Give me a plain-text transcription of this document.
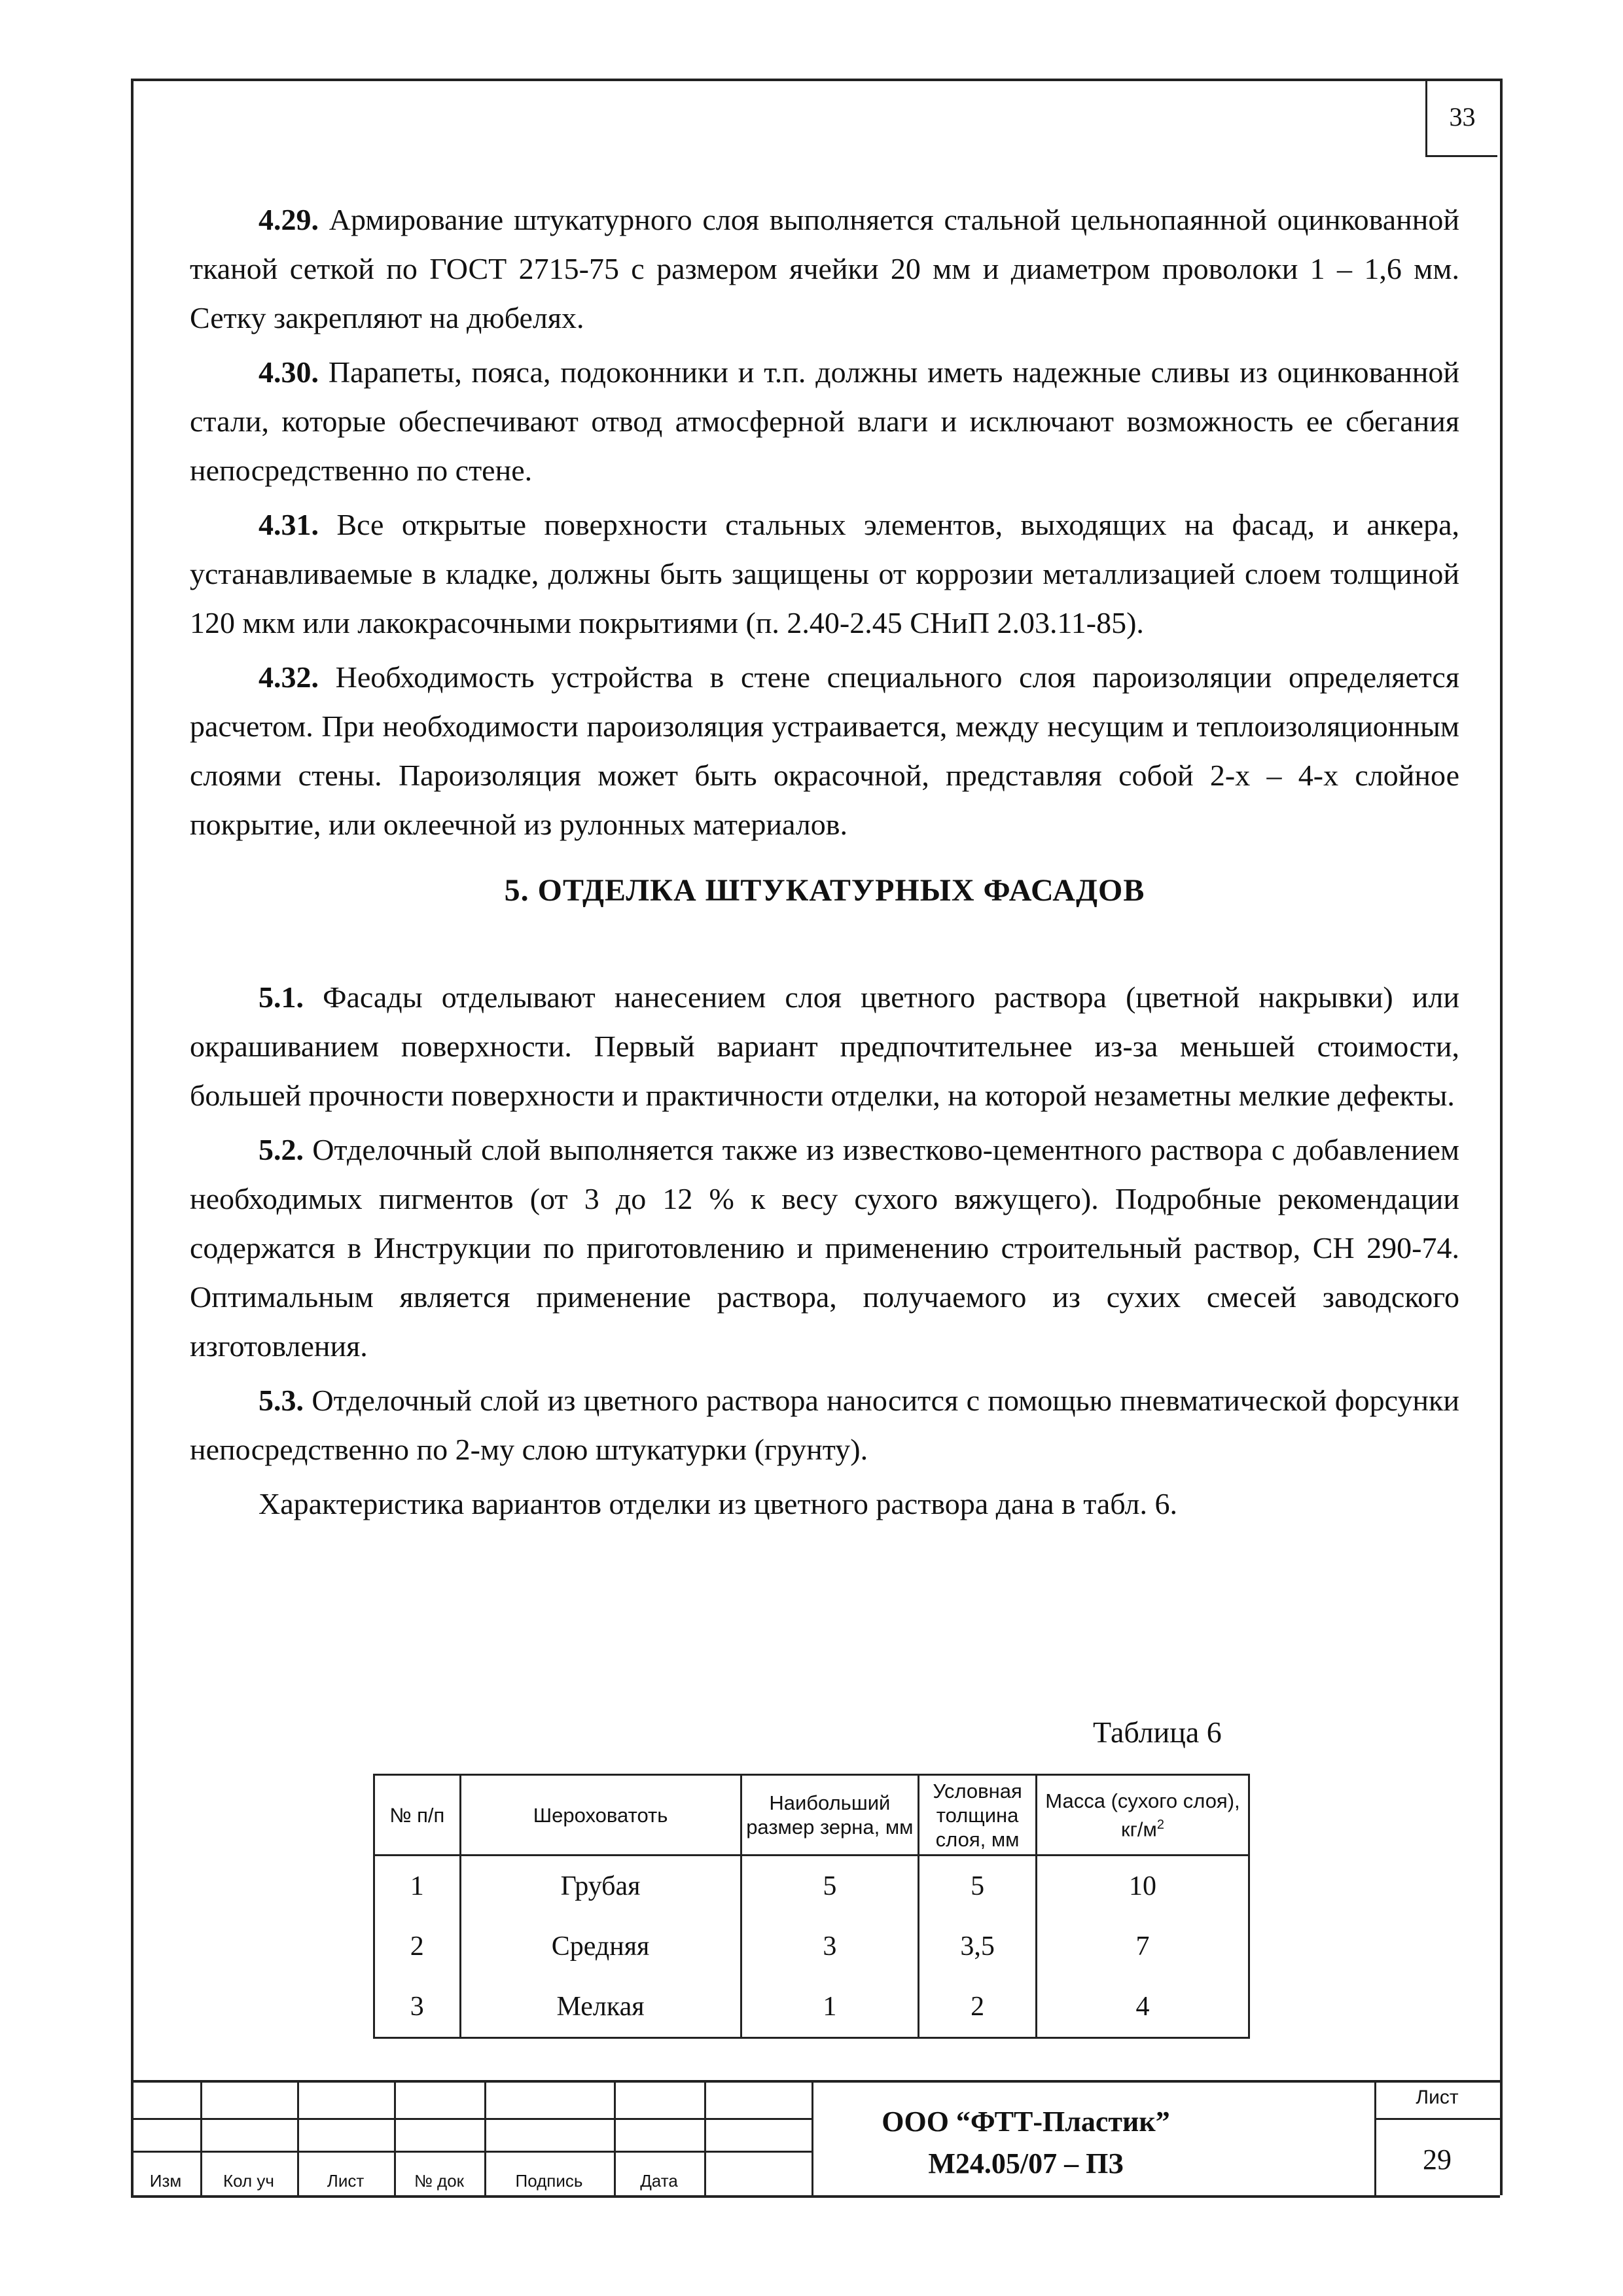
33

4.29. Армирование штукатурного слоя выполняется стальной цельнопаянной оцинкованной тканой сеткой по ГОСТ 2715-75 с размером ячейки 20 мм и диаметром проволоки 1 – 1,6 мм. Сетку закрепляют на дюбелях.

4.30. Парапеты, пояса, подоконники и т.п. должны иметь надежные сливы из оцинкованной стали, которые обеспечивают отвод атмосферной влаги и исключают возможность ее сбегания непосредственно по стене.

4.31. Все открытые поверхности стальных элементов, выходящих на фасад, и анкера, устанавливаемые в кладке, должны быть защищены от коррозии металлизацией слоем толщиной 120 мкм или лакокрасочными покрытиями (п. 2.40-2.45 СНиП 2.03.11-85).

4.32. Необходимость устройства в стене специального слоя пароизоляции определяется расчетом. При необходимости пароизоляция устраивается, между несущим и теплоизоляционным слоями стены. Пароизоляция может быть окрасочной, представляя собой 2-х – 4-х слойное покрытие, или оклеечной из рулонных материалов.

5. ОТДЕЛКА ШТУКАТУРНЫХ ФАСАДОВ

5.1. Фасады отделывают нанесением слоя цветного раствора (цветной накрывки) или окрашиванием поверхности. Первый вариант предпочтительнее из-за меньшей стоимости, большей прочности поверхности и практичности отделки, на которой незаметны мелкие дефекты.

5.2. Отделочный слой выполняется также из известково-цементного раствора с добавлением необходимых пигментов (от 3 до 12 % к весу сухого вяжущего). Подробные рекомендации содержатся в Инструкции по приготовлению и применению строительный раствор, СН 290-74. Оптимальным является применение раствора, получаемого из сухих смесей заводского изготовления.

5.3. Отделочный слой из цветного раствора наносится с помощью пневматической форсунки непосредственно по 2-му слою штукатурки (грунту).

Характеристика вариантов отделки из цветного раствора дана в табл. 6.

Таблица 6
№ п/п	Шероховатоть	Наибольший размер зерна, мм	Условная толщина слоя, мм	Масса (сухого слоя), $кг/м^2$
1	Грубая	5	5	10
2	Средняя	3	3,5	7
3	Мелкая	1	2	4
Изм	Кол уч	Лист	№ док	Подпись	Дата
ООО “ФТТ-Пластик”
М24.05/07 – ПЗ
Лист
29
